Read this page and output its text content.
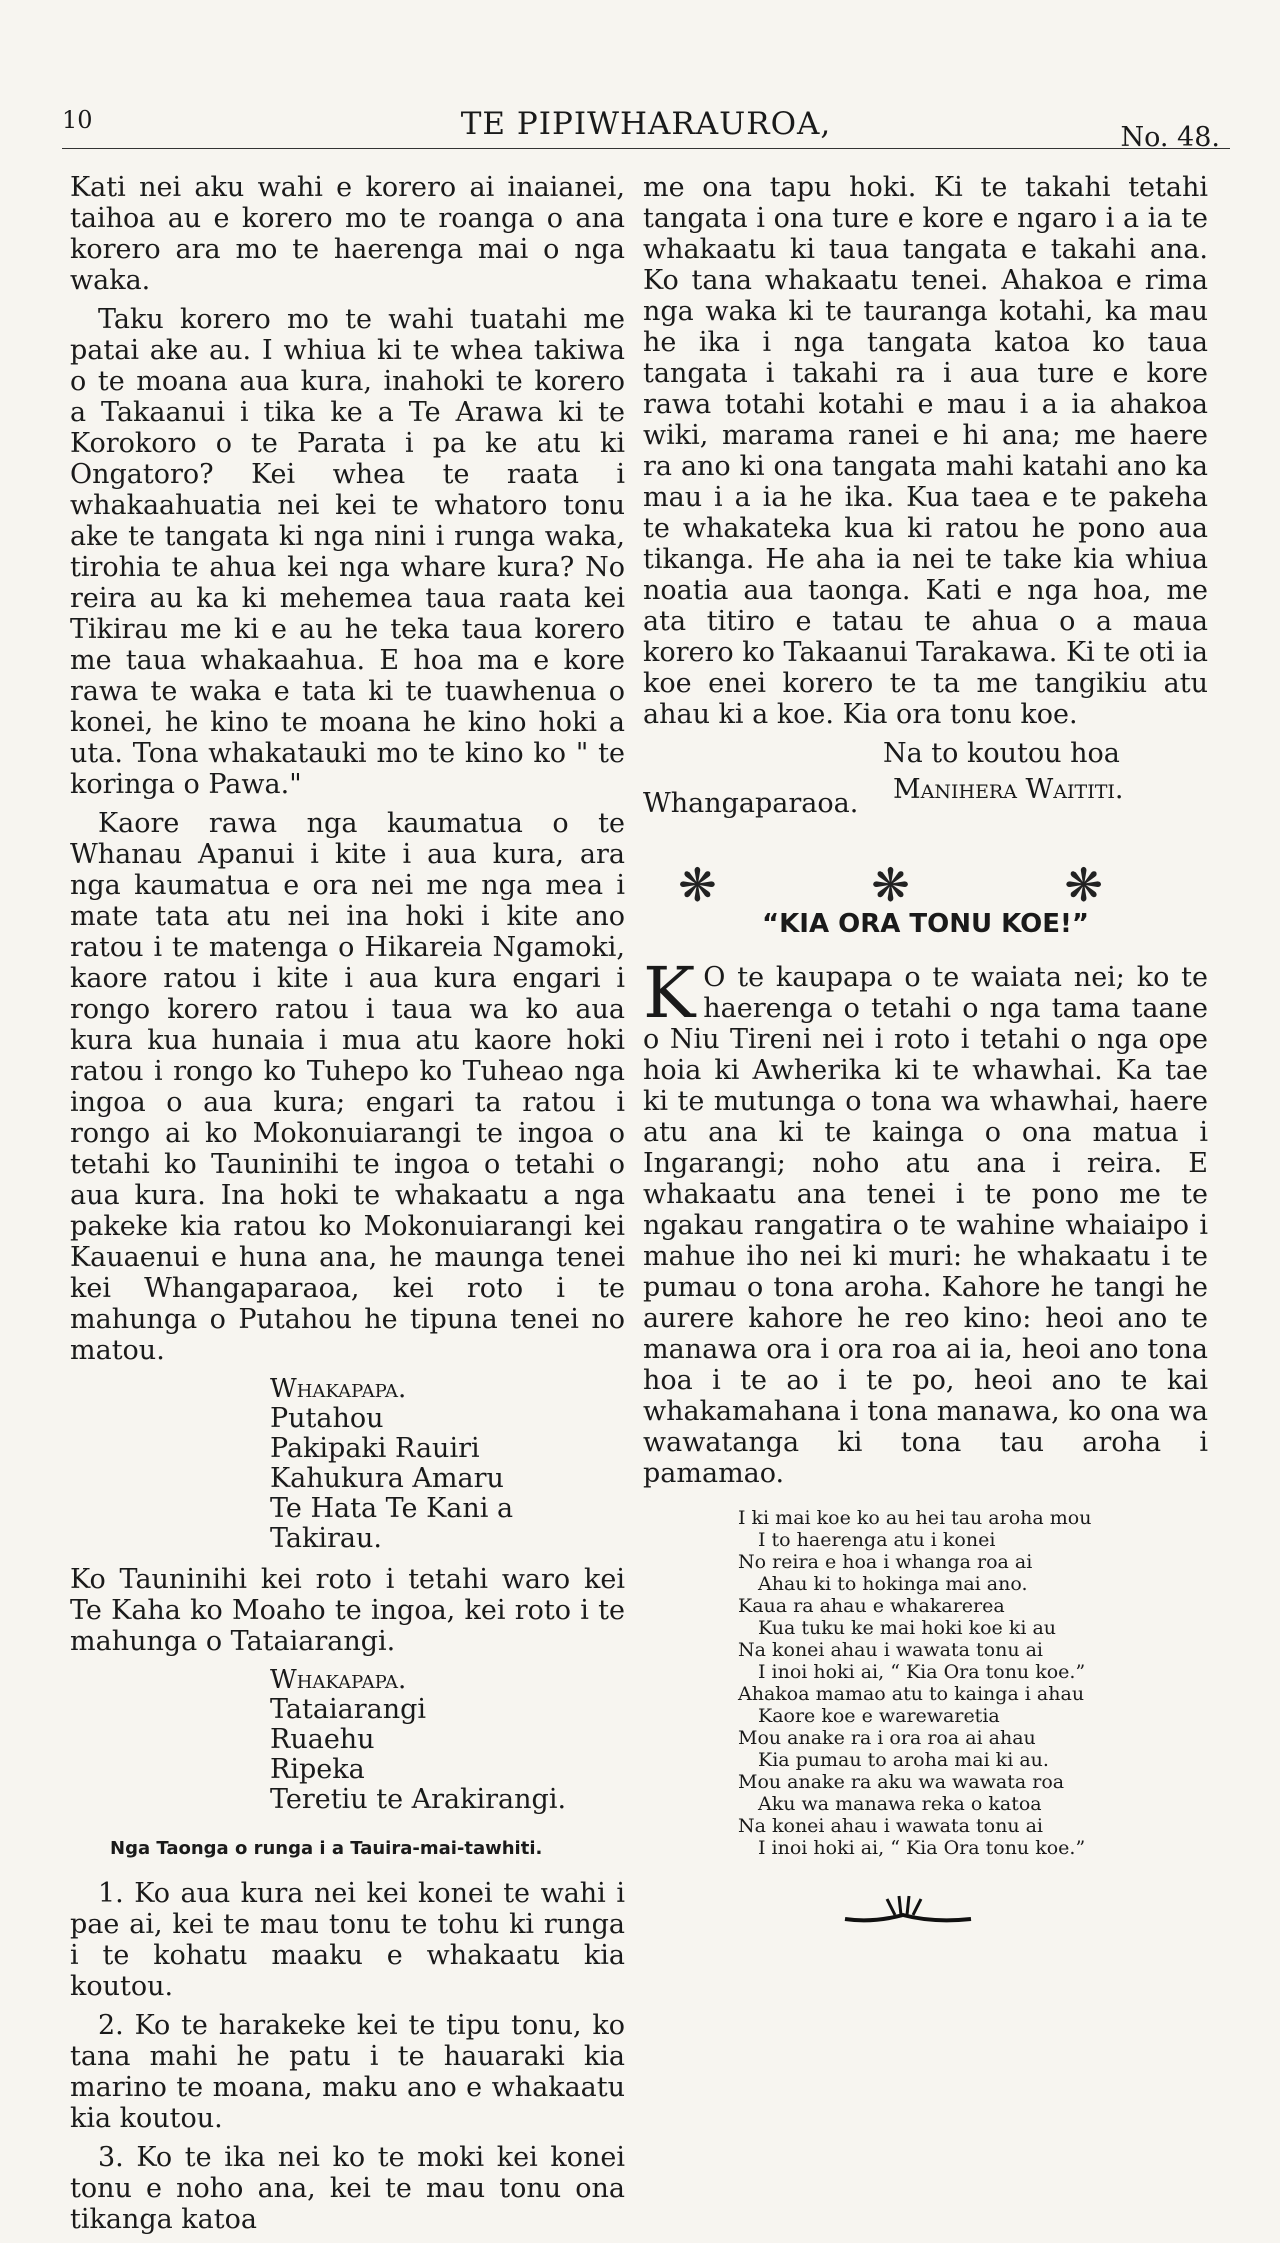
10	TE PIPIWHARAUROA,	No. 48.

Kati nei aku wahi e korero ai inaianei, taihoa au e korero mo te roanga o ana korero ara mo te haerenga mai o nga waka.

Taku korero mo te wahi tuatahi me patai ake au. I whiua ki te whea takiwa o te moana aua kura, inahoki te korero a Takaanui i tika ke a Te Arawa ki te Korokoro o te Parata i pa ke atu ki Ongatoro? Kei whea te raata i whakaahuatia nei kei te whatoro tonu ake te tangata ki nga nini i runga waka, tirohia te ahua kei nga whare kura? No reira au ka ki mehemea taua raata kei Tikirau me ki e au he teka taua korero me taua whakaahua. E hoa ma e kore rawa te waka e tata ki te tuawhenua o konei, he kino te moana he kino hoki a uta. Tona whakatauki mo te kino ko " te koringa o Pawa."

Kaore rawa nga kaumatua o te Whanau Apanui i kite i aua kura, ara nga kaumatua e ora nei me nga mea i mate tata atu nei ina hoki i kite ano ratou i te matenga o Hikareia Ngamoki, kaore ratou i kite i aua kura engari i rongo korero ratou i taua wa ko aua kura kua hunaia i mua atu kaore hoki ratou i rongo ko Tuhepo ko Tuheao nga ingoa o aua kura; engari ta ratou i rongo ai ko Mokonuiarangi te ingoa o tetahi ko Tauninihi te ingoa o tetahi o aua kura. Ina hoki te whakaatu a nga pakeke kia ratou ko Mokonuiarangi kei Kauaenui e huna ana, he maunga tenei kei Whangaparaoa, kei roto i te mahunga o Putahou he tipuna tenei no matou.

Whakapapa.
Putahou
Pakipaki Rauiri
Kahukura Amaru
Te Hata Te Kani a Takirau.

Ko Tauninihi kei roto i tetahi waro kei Te Kaha ko Moaho te ingoa, kei roto i te mahunga o Tataiarangi.

Whakapapa.
Tataiarangi
Ruaehu
Ripeka
Teretiu te Arakirangi.
Nga Taonga o runga i a Tauira-mai-tawhiti.

1. Ko aua kura nei kei konei te wahi i pae ai, kei te mau tonu te tohu ki runga i te kohatu maaku e whakaatu kia koutou.

2. Ko te harakeke kei te tipu tonu, ko tana mahi he patu i te hauaraki kia marino te moana, maku ano e whakaatu kia koutou.

3. Ko te ika nei ko te moki kei konei tonu e noho ana, kei te mau tonu ona tikanga katoa

me ona tapu hoki. Ki te takahi tetahi tangata i ona ture e kore e ngaro i a ia te whakaatu ki taua tangata e takahi ana. Ko tana whakaatu tenei. Ahakoa e rima nga waka ki te tauranga kotahi, ka mau he ika i nga tangata katoa ko taua tangata i takahi ra i aua ture e kore rawa totahi kotahi e mau i a ia ahakoa wiki, marama ranei e hi ana; me haere ra ano ki ona tangata mahi katahi ano ka mau i a ia he ika. Kua taea e te pakeha te whakateka kua ki ratou he pono aua tikanga. He aha ia nei te take kia whiua noatia aua taonga. Kati e nga hoa, me ata titiro e tatau te ahua o a maua korero ko Takaanui Tarakawa. Ki te oti ia koe enei korero te ta me tangikiu atu ahau ki a koe. Kia ora tonu koe.

Na to koutou hoa
Manihera Waititi.
Whangaparaoa.
❋ ❋ ❋
“KIA ORA TONU KOE!”

K O te kaupapa o te waiata nei; ko te haerenga o tetahi o nga tama taane o Niu Tireni nei i roto i tetahi o nga ope hoia ki Awherika ki te whawhai. Ka tae ki te mutunga o tona wa whawhai, haere atu ana ki te kainga o ona matua i Ingarangi; noho atu ana i reira. E whakaatu ana tenei i te pono me te ngakau rangatira o te wahine whaiaipo i mahue iho nei ki muri: he whakaatu i te pumau o tona aroha. Kahore he tangi he aurere kahore he reo kino: heoi ano te manawa ora i ora roa ai ia, heoi ano tona hoa i te ao i te po, heoi ano te kai whakamahana i tona manawa, ko ona wa wawatanga ki tona tau aroha i pamamao.

I ki mai koe ko au hei tau aroha mou
I to haerenga atu i konei
No reira e hoa i whanga roa ai
Ahau ki to hokinga mai ano.
Kaua ra ahau e whakarerea
Kua tuku ke mai hoki koe ki au
Na konei ahau i wawata tonu ai
I inoi hoki ai, “ Kia Ora tonu koe.”
Ahakoa mamao atu to kainga i ahau
Kaore koe e warewaretia
Mou anake ra i ora roa ai ahau
Kia pumau to aroha mai ki au.
Mou anake ra aku wa wawata roa
Aku wa manawa reka o katoa
Na konei ahau i wawata tonu ai
I inoi hoki ai, “ Kia Ora tonu koe.”
